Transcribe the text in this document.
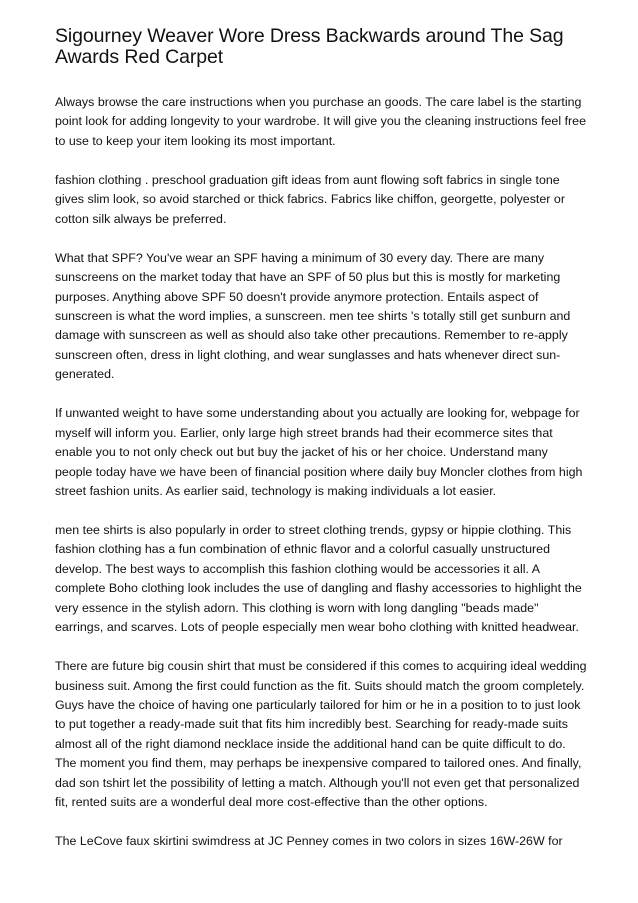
Sigourney Weaver Wore Dress Backwards around The Sag Awards Red Carpet

Always browse the care instructions when you purchase an goods. The care label is the starting point look for adding longevity to your wardrobe. It will give you the cleaning instructions feel free to use to keep your item looking its most important.

fashion clothing . preschool graduation gift ideas from aunt flowing soft fabrics in single tone gives slim look, so avoid starched or thick fabrics. Fabrics like chiffon, georgette, polyester or cotton silk always be preferred.

What that SPF? You've wear an SPF having a minimum of 30 every day. There are many sunscreens on the market today that have an SPF of 50 plus but this is mostly for marketing purposes. Anything above SPF 50 doesn't provide anymore protection. Entails aspect of sunscreen is what the word implies, a sunscreen. men tee shirts 's totally still get sunburn and damage with sunscreen as well as should also take other precautions. Remember to re-apply sunscreen often, dress in light clothing, and wear sunglasses and hats whenever direct sun-generated.

If unwanted weight to have some understanding about you actually are looking for, webpage for myself will inform you. Earlier, only large high street brands had their ecommerce sites that enable you to not only check out but buy the jacket of his or her choice. Understand many people today have we have been of financial position where daily buy Moncler clothes from high street fashion units. As earlier said, technology is making individuals a lot easier.

men tee shirts is also popularly in order to street clothing trends, gypsy or hippie clothing. This fashion clothing has a fun combination of ethnic flavor and a colorful casually unstructured develop. The best ways to accomplish this fashion clothing would be accessories it all. A complete Boho clothing look includes the use of dangling and flashy accessories to highlight the very essence in the stylish adorn. This clothing is worn with long dangling "beads made" earrings, and scarves. Lots of people especially men wear boho clothing with knitted headwear.

There are future big cousin shirt that must be considered if this comes to acquiring ideal wedding business suit. Among the first could function as the fit. Suits should match the groom completely. Guys have the choice of having one particularly tailored for him or he in a position to to just look to put together a ready-made suit that fits him incredibly best. Searching for ready-made suits almost all of the right diamond necklace inside the additional hand can be quite difficult to do. The moment you find them, may perhaps be inexpensive compared to tailored ones. And finally, dad son tshirt let the possibility of letting a match. Although you'll not even get that personalized fit, rented suits are a wonderful deal more cost-effective than the other options.

The LeCove faux skirtini swimdress at JC Penney comes in two colors in sizes 16W-26W for
